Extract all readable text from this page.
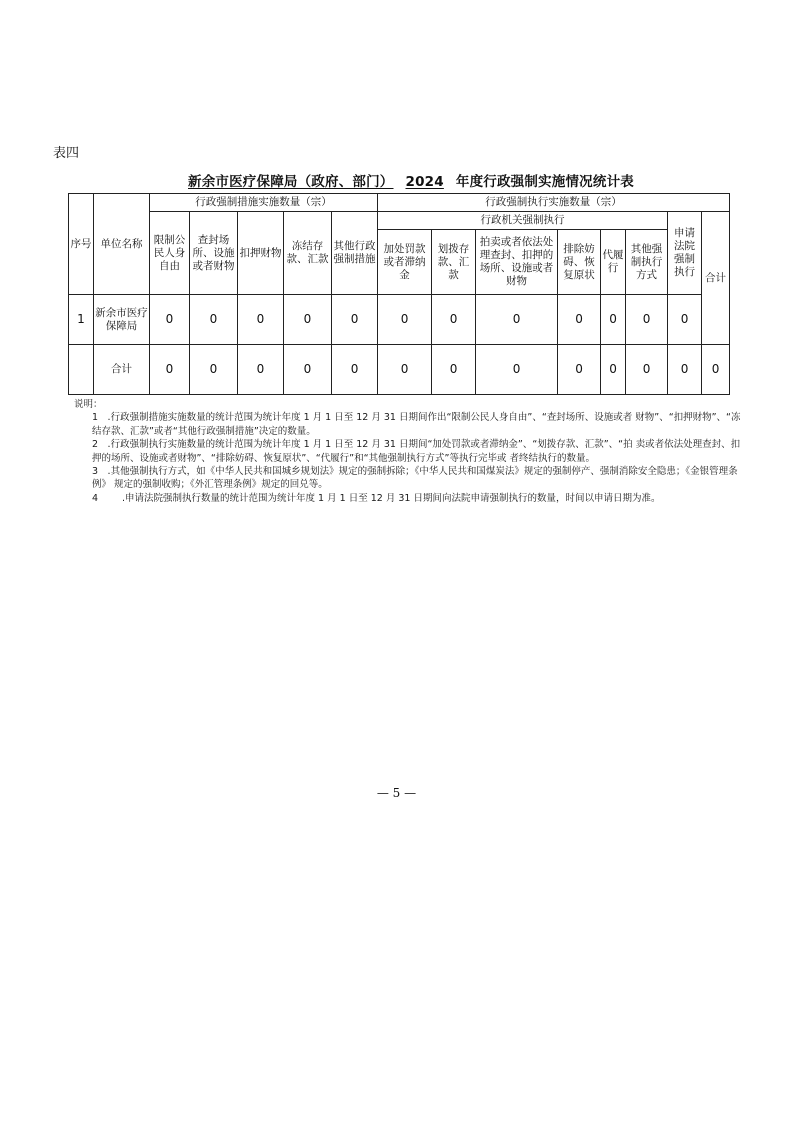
表四
新余市医疗保障局（政府、部门） 2024 年度行政强制实施情况统计表
序号	单位名称	行政强制措施实施数量（宗）					行政强制执行实施数量（宗）								
		限制公民人身自由	查封场所、设施或者财物	扣押财物	冻结存款、汇款	其他行政强制措施	行政机关强制执行						申请法院强制执行	合计	
							加处罚款或者滞纳金	划拨存款、汇款	拍卖或者依法处理查封、扣押的场所、设施或者财物	排除妨碍、恢复原状	代履行	其他强制执行方式			
1	新余市医疗保障局	0	0	0	0	0	0	0	0	0	0	0	0	
	合计	0	0	0	0	0	0	0	0	0	0	0	0	0	

说明：

1　.行政强制措施实施数量的统计范围为统计年度 1 月 1 日至 12 月 31 日期间作出“限制公民人身自由”、“查封场所、设施或者 财物”、“扣押财物”、“冻结存款、汇款”或者“其他行政强制措施”决定的数量。

2　.行政强制执行实施数量的统计范围为统计年度 1 月 1 日至 12 月 31 日期间“加处罚款或者滞纳金”、“划拨存款、汇款”、“拍 卖或者依法处理查封、扣押的场所、设施或者财物”、“排除妨碍、恢复原状”、“代履行”和“其他强制执行方式”等执行完毕或 者终结执行的数量。

3　.其他强制执行方式，如《中华人民共和国城乡规划法》规定的强制拆除；《中华人民共和国煤炭法》规定的强制停产、强制消除安全隐患；《金银管理条例》 规定的强制收购；《外汇管理条例》规定的回兑等。

4	.申请法院强制执行数量的统计范围为统计年度 1 月 1 日至 12 月 31 日期间向法院申请强制执行的数量，时间以申请日期为准。

— 5 —
